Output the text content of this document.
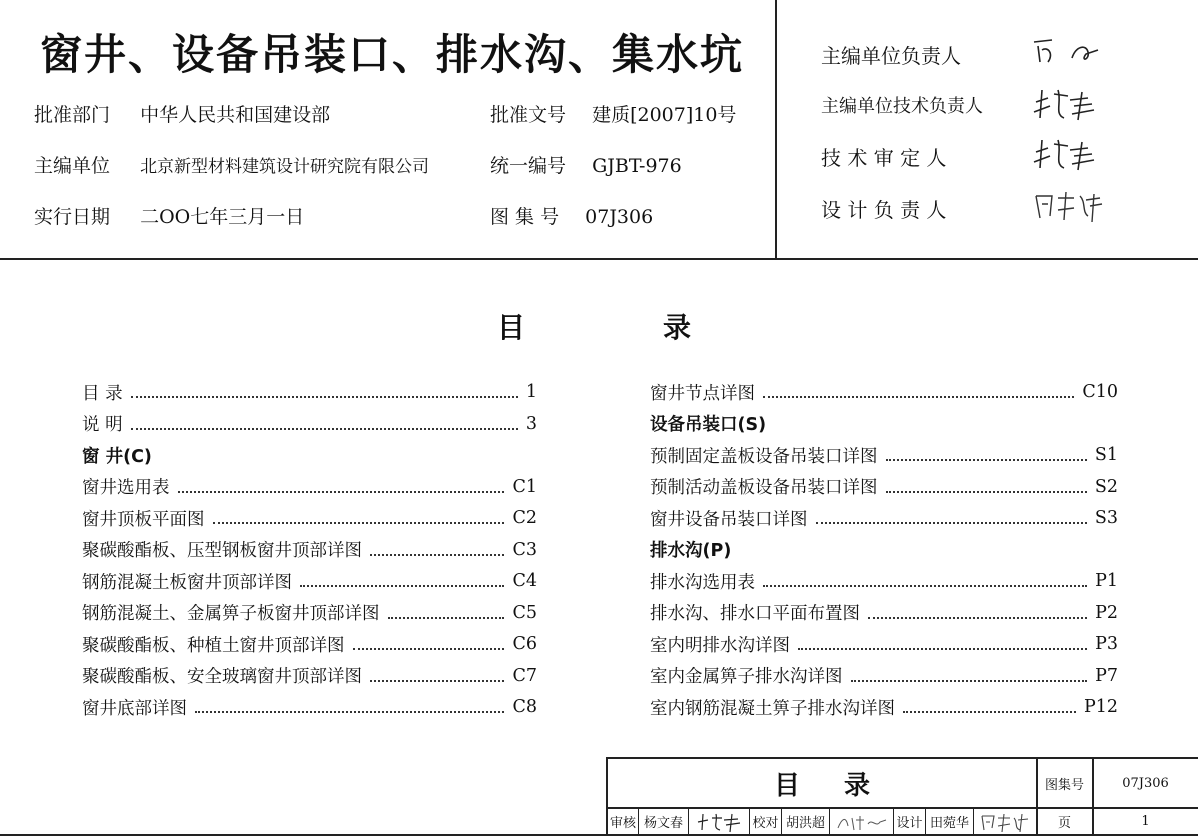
窗井、设备吊装口、排水沟、集水坑
批准部门 中华人民共和国建设部	批准文号 建质[2007]10号
主编单位 北京新型材料建筑设计研究院有限公司	统一编号 GJBT-976
实行日期 二OO七年三月一日	图 集 号 07J306
主编单位负责人
主编单位技术负责人
技 术 审 定 人
设 计 负 责 人
目	录
目 录	1
说 明	3
窗 井(C)
窗井选用表	C1
窗井顶板平面图	C2
聚碳酸酯板、压型钢板窗井顶部详图	C3
钢筋混凝土板窗井顶部详图	C4
钢筋混凝土、金属箅子板窗井顶部详图	C5
聚碳酸酯板、种植土窗井顶部详图	C6
聚碳酸酯板、安全玻璃窗井顶部详图	C7
窗井底部详图	C8
窗井节点详图	C10
设备吊装口(S)
预制固定盖板设备吊装口详图	S1
预制活动盖板设备吊装口详图	S2
窗井设备吊装口详图	S3
排水沟(P)
排水沟选用表	P1
排水沟、排水口平面布置图	P2
室内明排水沟详图	P3
室内金属箅子排水沟详图	P7
室内钢筋混凝土箅子排水沟详图	P12
目 录	图集号	07J306
审核 杨文春	校对 胡洪超	设计 田菀华	页	1
